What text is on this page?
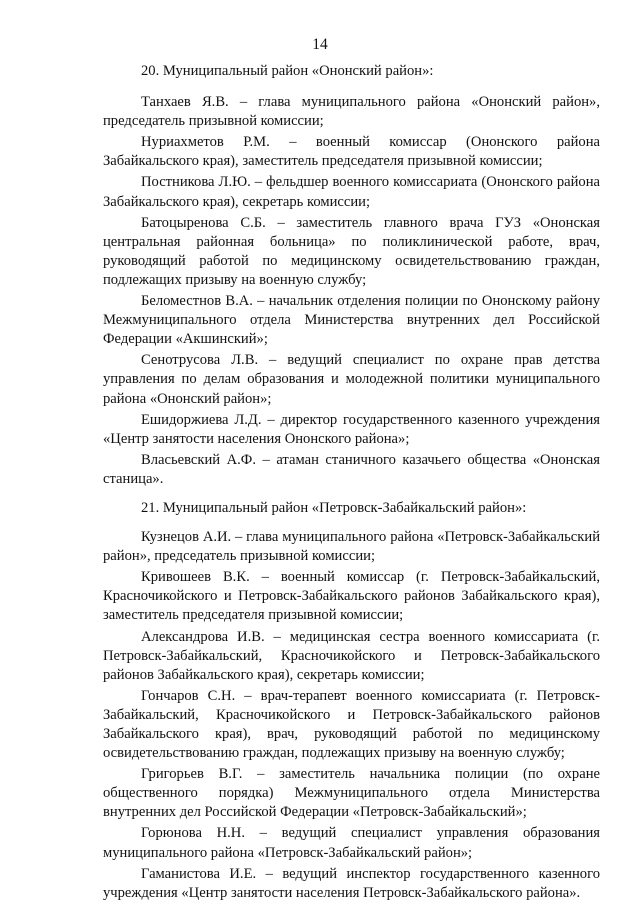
14

20. Муниципальный район «Ононский район»:

Танхаев Я.В. – глава муниципального района «Ононский район», председатель призывной комиссии;

Нуриахметов Р.М. – военный комиссар (Ононского района Забайкальского края), заместитель председателя призывной комиссии;

Постникова Л.Ю. – фельдшер военного комиссариата (Ононского района Забайкальского края), секретарь комиссии;

Батоцыренова С.Б. – заместитель главного врача ГУЗ «Ононская центральная районная больница» по поликлинической работе, врач, руководящий работой по медицинскому освидетельствованию граждан, подлежащих призыву на военную службу;

Беломестнов В.А. – начальник отделения полиции по Ононскому району Межмуниципального отдела Министерства внутренних дел Российской Федерации «Акшинский»;

Сенотрусова Л.В. – ведущий специалист по охране прав детства управления по делам образования и молодежной политики муниципального района «Ононский район»;

Ешидоржиева Л.Д. – директор государственного казенного учреждения «Центр занятости населения Ононского района»;

Власьевский А.Ф. – атаман станичного казачьего общества «Ононская станица».

21. Муниципальный район «Петровск-Забайкальский район»:

Кузнецов А.И. – глава муниципального района «Петровск-Забайкальский район», председатель призывной комиссии;

Кривошеев В.К. – военный комиссар (г. Петровск-Забайкальский, Красночикойского и Петровск-Забайкальского районов Забайкальского края), заместитель председателя призывной комиссии;

Александрова И.В. – медицинская сестра военного комиссариата (г. Петровск-Забайкальский, Красночикойского и Петровск-Забайкальского районов Забайкальского края), секретарь комиссии;

Гончаров С.Н. – врач-терапевт военного комиссариата (г. Петровск-Забайкальский, Красночикойского и Петровск-Забайкальского районов Забайкальского края), врач, руководящий работой по медицинскому освидетельствованию граждан, подлежащих призыву на военную службу;

Григорьев В.Г. – заместитель начальника полиции (по охране общественного порядка) Межмуниципального отдела Министерства внутренних дел Российской Федерации «Петровск-Забайкальский»;

Горюнова Н.Н. – ведущий специалист управления образования муниципального района «Петровск-Забайкальский район»;

Гаманистова И.Е. – ведущий инспектор государственного казенного учреждения «Центр занятости населения Петровск-Забайкальского района».
